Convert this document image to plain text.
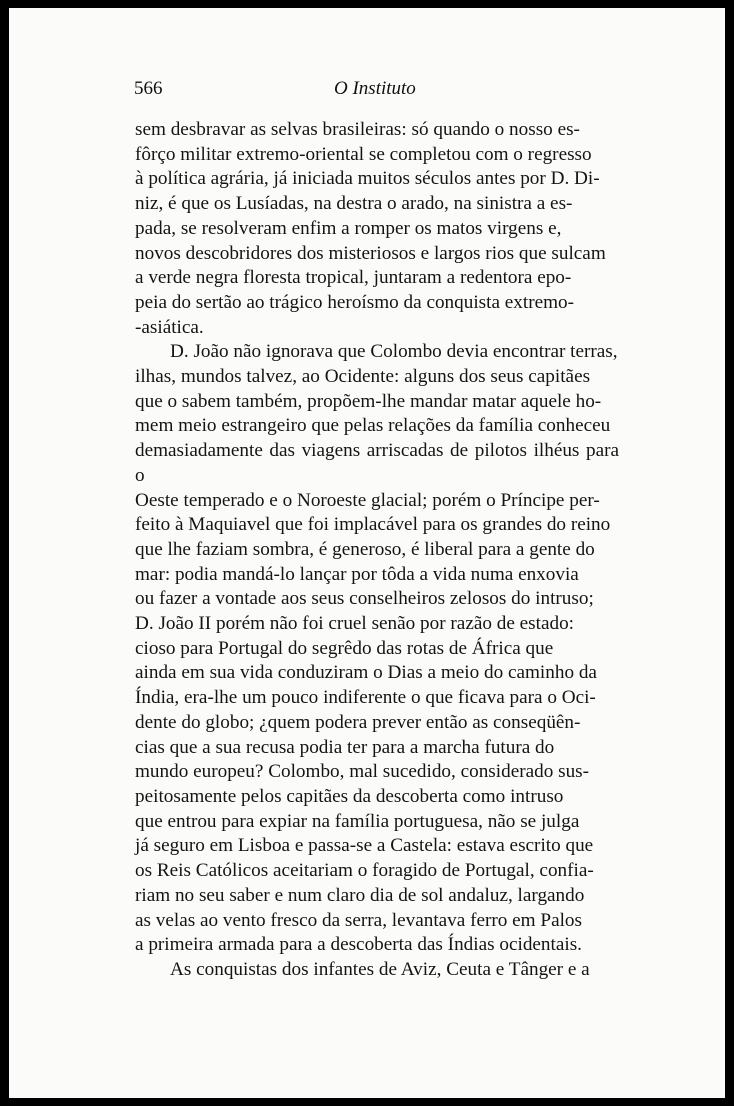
566	O Instituto

sem desbravar as selvas brasileiras: só quando o nosso es-
fôrço militar extremo-oriental se completou com o regresso
à política agrária, já iniciada muitos séculos antes por D. Di-
niz, é que os Lusíadas, na destra o arado, na sinistra a es-
pada, se resolveram enfim a romper os matos virgens e,
novos descobridores dos misteriosos e largos rios que sulcam
a verde negra floresta tropical, juntaram a redentora epo-
peia do sertão ao trágico heroísmo da conquista extremo-
-asiática.

D. João não ignorava que Colombo devia encontrar terras,
ilhas, mundos talvez, ao Ocidente: alguns dos seus capitães
que o sabem também, propõem-lhe mandar matar aquele ho-
mem meio estrangeiro que pelas relações da família conheceu
demasiadamente das viagens arriscadas de pilotos ilhéus para o
Oeste temperado e o Noroeste glacial; porém o Príncipe per-
feito à Maquiavel que foi implacável para os grandes do reino
que lhe faziam sombra, é generoso, é liberal para a gente do
mar: podia mandá-lo lançar por tôda a vida numa enxovia
ou fazer a vontade aos seus conselheiros zelosos do intruso;
D. João II porém não foi cruel senão por razão de estado:
cioso para Portugal do segrêdo das rotas de África que
ainda em sua vida conduziram o Dias a meio do caminho da
Índia, era-lhe um pouco indiferente o que ficava para o Oci-
dente do globo; ¿quem podera prever então as conseqüên-
cias que a sua recusa podia ter para a marcha futura do
mundo europeu? Colombo, mal sucedido, considerado sus-
peitosamente pelos capitães da descoberta como intruso
que entrou para expiar na família portuguesa, não se julga
já seguro em Lisboa e passa-se a Castela: estava escrito que
os Reis Católicos aceitariam o foragido de Portugal, confia-
riam no seu saber e num claro dia de sol andaluz, largando
as velas ao vento fresco da serra, levantava ferro em Palos
a primeira armada para a descoberta das Índias ocidentais.

As conquistas dos infantes de Aviz, Ceuta e Tânger e a
